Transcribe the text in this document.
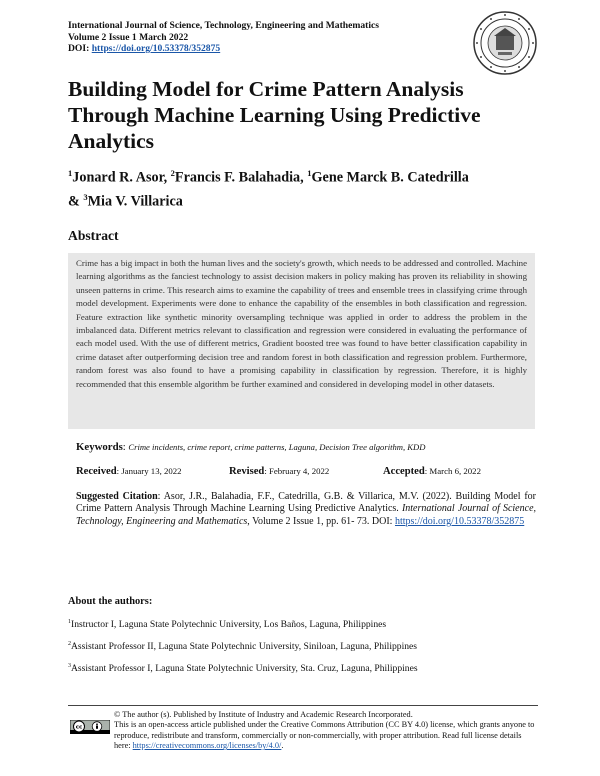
International Journal of Science, Technology, Engineering and Mathematics
Volume 2 Issue 1 March 2022
DOI: https://doi.org/10.53378/352875
Building Model for Crime Pattern Analysis Through Machine Learning Using Predictive Analytics
$^1$Jonard R. Asor, $^2$Francis F. Balahadia, $^1$Gene Marck B. Catedrilla
& $^3$Mia V. Villarica
Abstract
Crime has a big impact in both the human lives and the society's growth, which needs to be addressed and controlled. Machine learning algorithms as the fanciest technology to assist decision makers in policy making has proven its reliability in showing unseen patterns in crime. This research aims to examine the capability of trees and ensemble trees in classifying crime through model development. Experiments were done to enhance the capability of the ensembles in both classification and regression. Feature extraction like synthetic minority oversampling technique was applied in order to address the problem in the imbalanced data. Different metrics relevant to classification and regression were considered in evaluating the performance of each model used. With the use of different metrics, Gradient boosted tree was found to have better classification capability in crime dataset after outperforming decision tree and random forest in both classification and regression problem. Furthermore, random forest was also found to have a promising capability in classification by regression. Therefore, it is highly recommended that this ensemble algorithm be further examined and considered in developing model in other datasets.
Keywords: Crime incidents, crime report, crime patterns, Laguna, Decision Tree algorithm, KDD
Received: January 13, 2022	Revised: February 4, 2022	Accepted: March 6, 2022
Suggested Citation: Asor, J.R., Balahadia, F.F., Catedrilla, G.B. & Villarica, M.V. (2022). Building Model for Crime Pattern Analysis Through Machine Learning Using Predictive Analytics. International Journal of Science, Technology, Engineering and Mathematics, Volume 2 Issue 1, pp. 61- 73. DOI: https://doi.org/10.53378/352875
About the authors:
$^1$Instructor I, Laguna State Polytechnic University, Los Baños, Laguna, Philippines
$^2$Assistant Professor II, Laguna State Polytechnic University, Siniloan, Laguna, Philippines
$^3$Assistant Professor I, Laguna State Polytechnic University, Sta. Cruz, Laguna, Philippines
cc
© The author (s). Published by Institute of Industry and Academic Research Incorporated.
This is an open-access article published under the Creative Commons Attribution (CC BY 4.0) license, which grants anyone to reproduce, redistribute and transform, commercially or non-commercially, with proper attribution. Read full license details here: https://creativecommons.org/licenses/by/4.0/.
